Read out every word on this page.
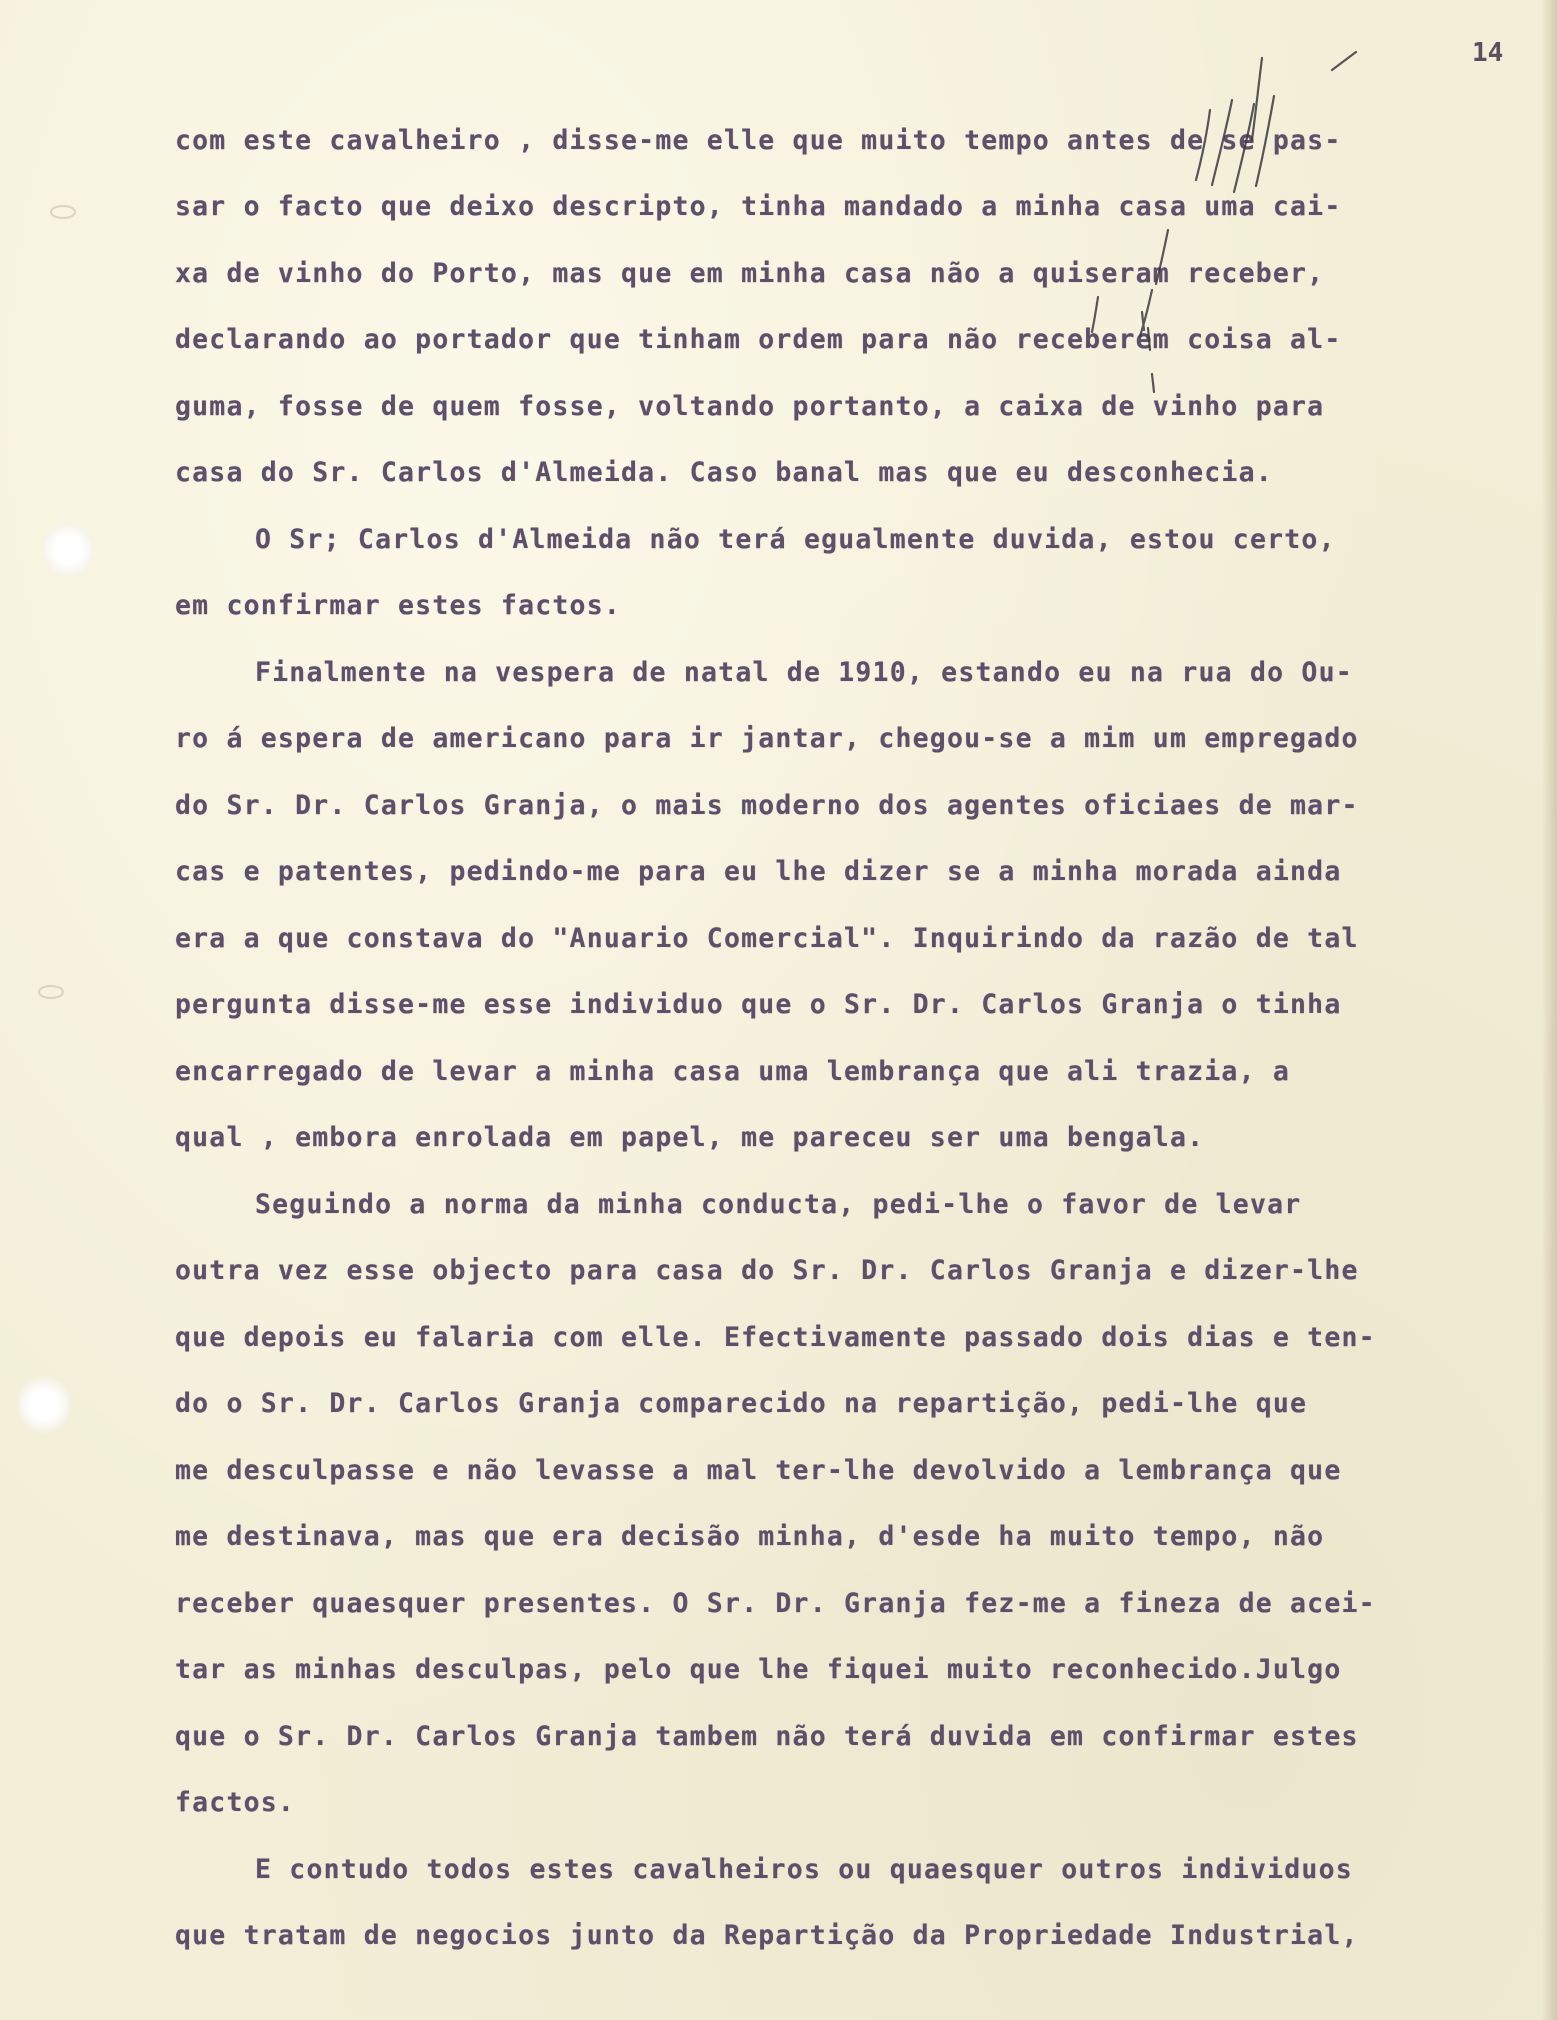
14
com este cavalheiro , disse-me elle que muito tempo antes de se pas-
sar o facto que deixo descripto, tinha mandado a minha casa uma cai-
xa de vinho do Porto, mas que em minha casa não a quiseram receber,
declarando ao portador que tinham ordem para não receberem coisa al-
guma, fosse de quem fosse, voltando portanto, a caixa de vinho para
casa do Sr. Carlos d'Almeida. Caso banal mas que eu desconhecia.
O Sr; Carlos d'Almeida não terá egualmente duvida, estou certo,
em confirmar estes factos.
Finalmente na vespera de natal de 1910, estando eu na rua do Ou-
ro á espera de americano para ir jantar, chegou-se a mim um empregado
do Sr. Dr. Carlos Granja, o mais moderno dos agentes oficiaes de mar-
cas e patentes, pedindo-me para eu lhe dizer se a minha morada ainda
era a que constava do "Anuario Comercial". Inquirindo da razão de tal
pergunta disse-me esse individuo que o Sr. Dr. Carlos Granja o tinha
encarregado de levar a minha casa uma lembrança que ali trazia, a
qual , embora enrolada em papel, me pareceu ser uma bengala.
Seguindo a norma da minha conducta, pedi-lhe o favor de levar
outra vez esse objecto para casa do Sr. Dr. Carlos Granja e dizer-lhe
que depois eu falaria com elle. Efectivamente passado dois dias e ten-
do o Sr. Dr. Carlos Granja comparecido na repartição, pedi-lhe que
me desculpasse e não levasse a mal ter-lhe devolvido a lembrança que
me destinava, mas que era decisão minha, d'esde ha muito tempo, não
receber quaesquer presentes. O Sr. Dr. Granja fez-me a fineza de acei-
tar as minhas desculpas, pelo que lhe fiquei muito reconhecido.Julgo
que o Sr. Dr. Carlos Granja tambem não terá duvida em confirmar estes
factos.
E contudo todos estes cavalheiros ou quaesquer outros individuos
que tratam de negocios junto da Repartição da Propriedade Industrial,
